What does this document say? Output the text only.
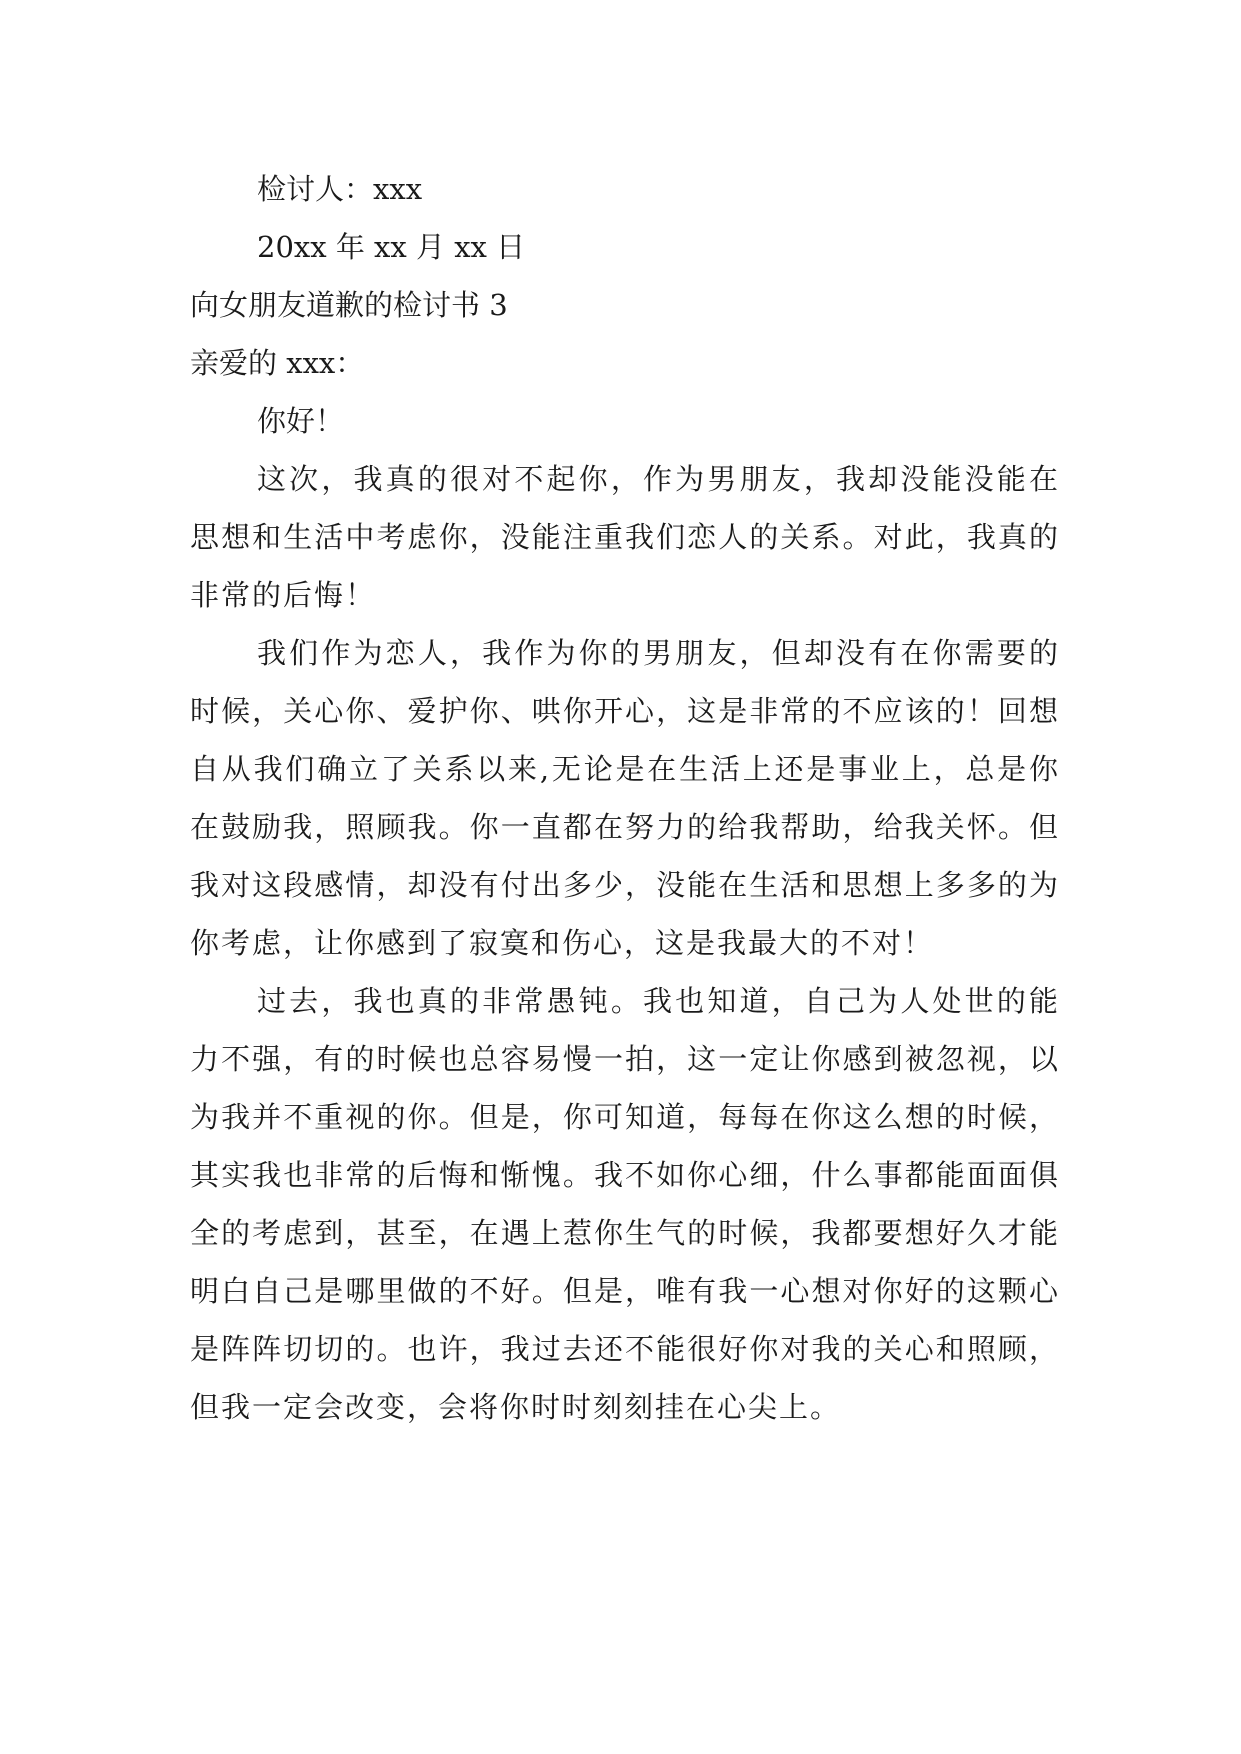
检讨人：xxx

20xx 年 xx 月 xx 日

向女朋友道歉的检讨书 3

亲爱的 xxx：

你好！

这次，我真的很对不起你，作为男朋友，我却没能没能在思想和生活中考虑你，没能注重我们恋人的关系。对此，我真的非常的后悔！

我们作为恋人，我作为你的男朋友，但却没有在你需要的时候，关心你、爱护你、哄你开心，这是非常的不应该的！回想自从我们确立了关系以来,无论是在生活上还是事业上，总是你在鼓励我，照顾我。你一直都在努力的给我帮助，给我关怀。但我对这段感情，却没有付出多少，没能在生活和思想上多多的为你考虑，让你感到了寂寞和伤心，这是我最大的不对！

过去，我也真的非常愚钝。我也知道，自己为人处世的能力不强，有的时候也总容易慢一拍，这一定让你感到被忽视，以为我并不重视的你。但是，你可知道，每每在你这么想的时候，其实我也非常的后悔和惭愧。我不如你心细，什么事都能面面俱全的考虑到，甚至，在遇上惹你生气的时候，我都要想好久才能明白自己是哪里做的不好。但是，唯有我一心想对你好的这颗心是阵阵切切的。也许，我过去还不能很好你对我的关心和照顾，但我一定会改变，会将你时时刻刻挂在心尖上。
